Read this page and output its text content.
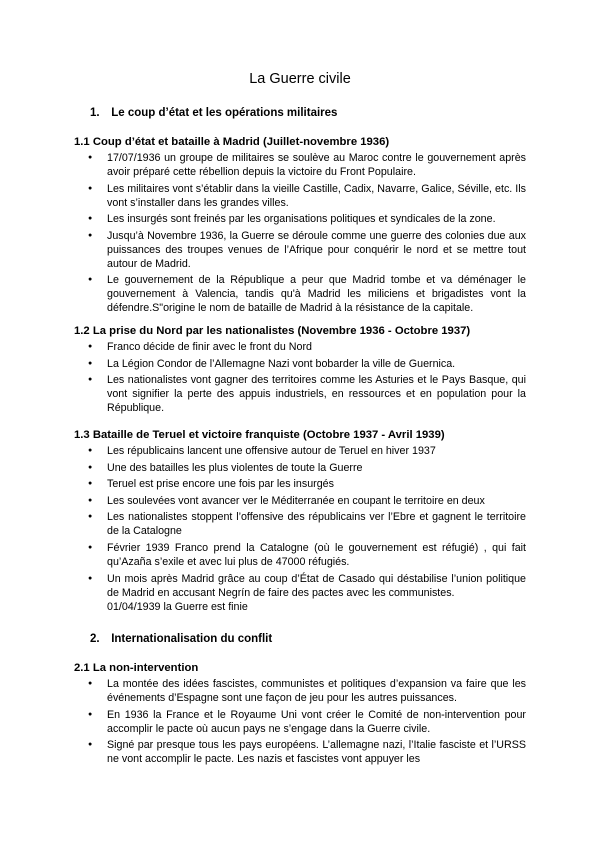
La Guerre civile
1. Le coup d’état et les opérations militaires
1.1 Coup d’état et bataille à Madrid (Juillet-novembre 1936)
● 17/07/1936 un groupe de militaires se soulève au Maroc contre le gouvernement après avoir préparé cette rébellion depuis la victoire du Front Populaire.
● Les militaires vont s’établir dans la vieille Castille, Cadix, Navarre, Galice, Séville, etc. Ils vont s’installer dans les grandes villes.
● Les insurgés sont freinés par les organisations politiques et syndicales de la zone.
● Jusqu’à Novembre 1936, la Guerre se déroule comme une guerre des colonies due aux puissances des troupes venues de l’Afrique pour conquérir le nord et se mettre tout autour de Madrid.
● Le gouvernement de la République a peur que Madrid tombe et va déménager le gouvernement à Valencia, tandis qu'à Madrid les miliciens et brigadistes vont la défendre.S"origine le nom de bataille de Madrid à la résistance de la capitale.
1.2 La prise du Nord par les nationalistes (Novembre 1936 - Octobre 1937)
● Franco décide de finir avec le front du Nord
● La Légion Condor de l’Allemagne Nazi vont bobarder la ville de Guernica.
● Les nationalistes vont gagner des territoires comme les Asturies et le Pays Basque, qui vont signifier la perte des appuis industriels, en ressources et en population pour la République.
1.3 Bataille de Teruel et victoire franquiste (Octobre 1937 - Avril 1939)
● Les républicains lancent une offensive autour de Teruel en hiver 1937
● Une des batailles les plus violentes de toute la Guerre
● Teruel est prise encore une fois par les insurgés
● Les soulevées vont avancer ver le Méditerranée en coupant le territoire en deux
● Les nationalistes stoppent l’offensive des républicains ver l’Ebre et gagnent le territoire de la Catalogne
● Février 1939 Franco prend la Catalogne (où le gouvernement est réfugié) , qui fait qu’Azaña s’exile et avec lui plus de 47000 réfugiés.
● Un mois après Madrid grâce au coup d’État de Casado qui déstabilise l’union politique de Madrid en accusant Negrín de faire des pactes avec les communistes.
01/04/1939 la Guerre est finie
2. Internationalisation du conflit
2.1 La non-intervention
● La montée des idées fascistes, communistes et politiques d’expansion va faire que les événements d’Espagne sont une façon de jeu pour les autres puissances.
● En 1936 la France et le Royaume Uni vont créer le Comité de non-intervention pour accomplir le pacte où aucun pays ne s’engage dans la Guerre civile.
● Signé par presque tous les pays européens. L’allemagne nazi, l’Italie fasciste et l’URSS ne vont accomplir le pacte. Les nazis et fascistes vont appuyer les
